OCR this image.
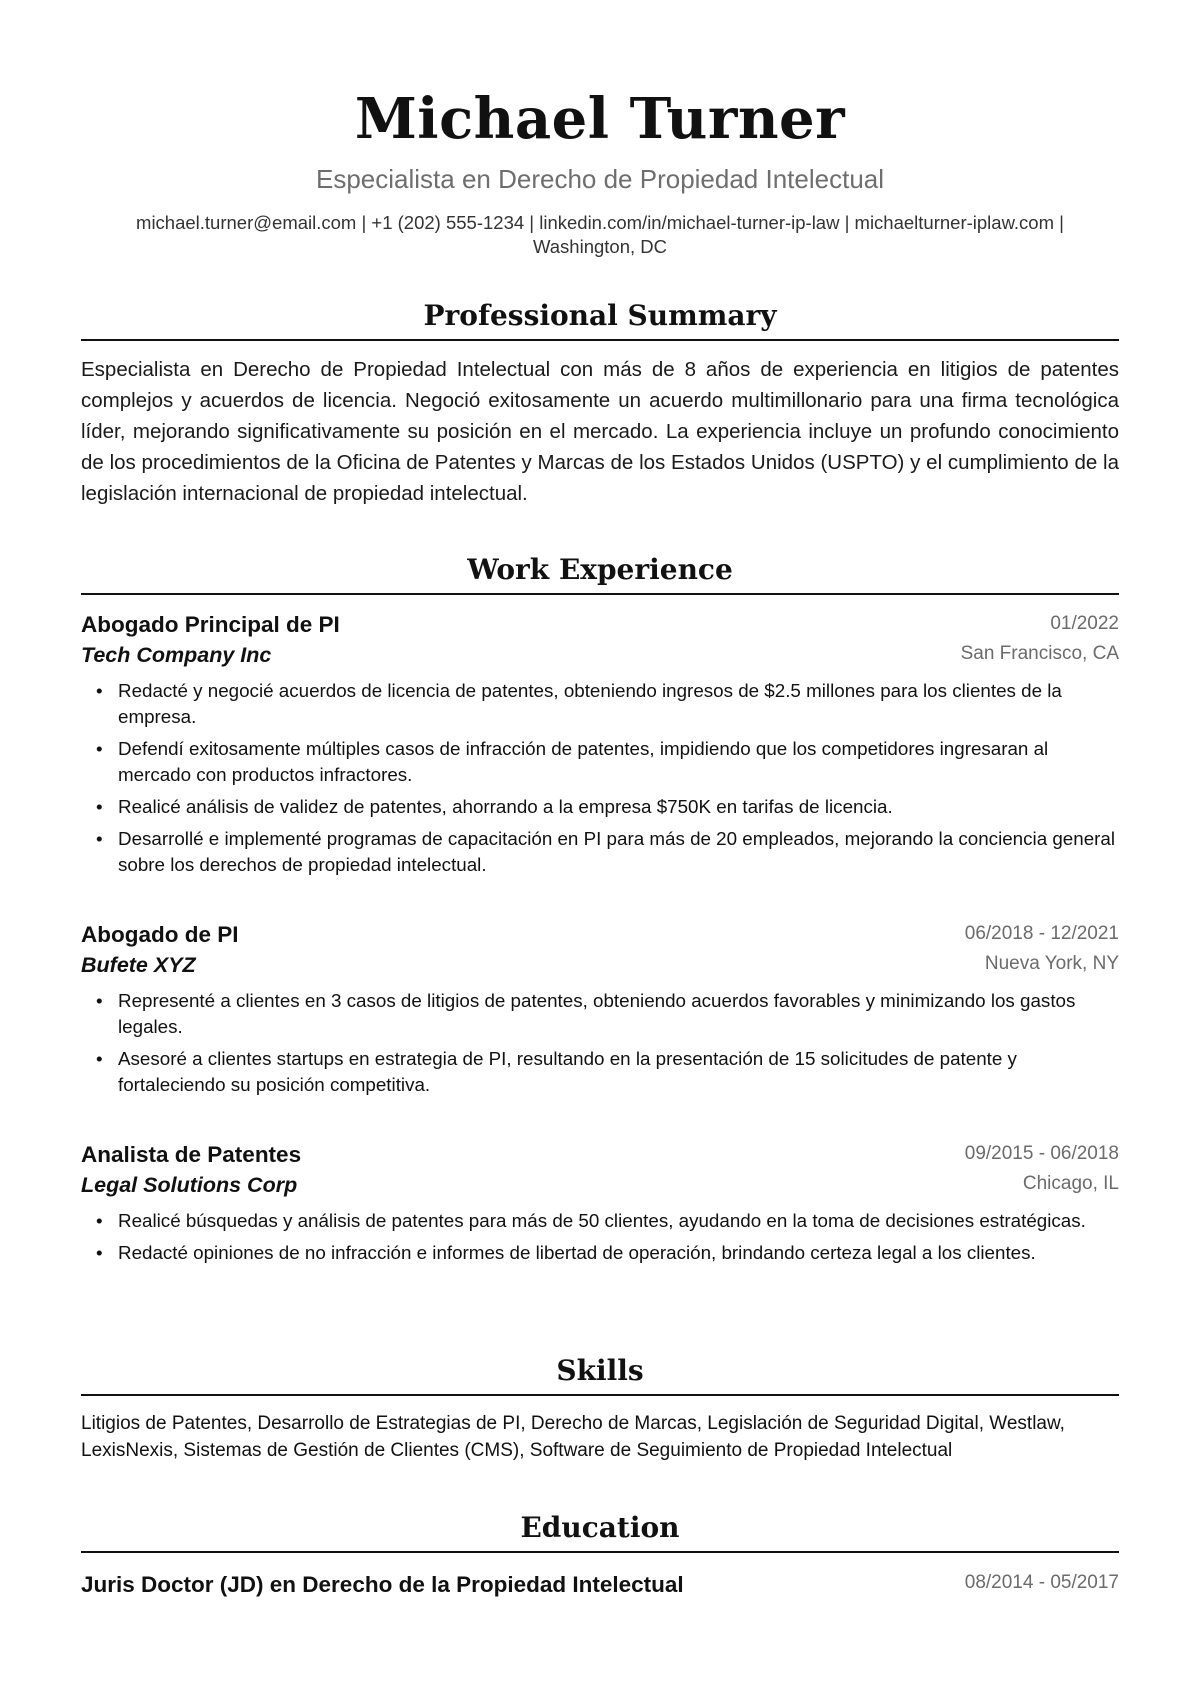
Michael Turner
Especialista en Derecho de Propiedad Intelectual
michael.turner@email.com | +1 (202) 555-1234 | linkedin.com/in/michael-turner-ip-law | michaelturner-iplaw.com |
Washington, DC
Professional Summary
Especialista en Derecho de Propiedad Intelectual con más de 8 años de experiencia en litigios de patentes complejos y acuerdos de licencia. Negoció exitosamente un acuerdo multimillonario para una firma tecnológica líder, mejorando significativamente su posición en el mercado. La experiencia incluye un profundo conocimiento de los procedimientos de la Oficina de Patentes y Marcas de los Estados Unidos (USPTO) y el cumplimiento de la legislación internacional de propiedad intelectual.
Work Experience
Abogado Principal de PI	01/2022
Tech Company Inc	San Francisco, CA
• Redacté y negocié acuerdos de licencia de patentes, obteniendo ingresos de $2.5 millones para los clientes de la empresa.
• Defendí exitosamente múltiples casos de infracción de patentes, impidiendo que los competidores ingresaran al mercado con productos infractores.
• Realicé análisis de validez de patentes, ahorrando a la empresa $750K en tarifas de licencia.
• Desarrollé e implementé programas de capacitación en PI para más de 20 empleados, mejorando la conciencia general sobre los derechos de propiedad intelectual.
Abogado de PI	06/2018 - 12/2021
Bufete XYZ	Nueva York, NY
• Representé a clientes en 3 casos de litigios de patentes, obteniendo acuerdos favorables y minimizando los gastos legales.
• Asesoré a clientes startups en estrategia de PI, resultando en la presentación de 15 solicitudes de patente y fortaleciendo su posición competitiva.
Analista de Patentes	09/2015 - 06/2018
Legal Solutions Corp	Chicago, IL
• Realicé búsquedas y análisis de patentes para más de 50 clientes, ayudando en la toma de decisiones estratégicas.
• Redacté opiniones de no infracción e informes de libertad de operación, brindando certeza legal a los clientes.
Skills
Litigios de Patentes, Desarrollo de Estrategias de PI, Derecho de Marcas, Legislación de Seguridad Digital, Westlaw, LexisNexis, Sistemas de Gestión de Clientes (CMS), Software de Seguimiento de Propiedad Intelectual
Education
Juris Doctor (JD) en Derecho de la Propiedad Intelectual	08/2014 - 05/2017
